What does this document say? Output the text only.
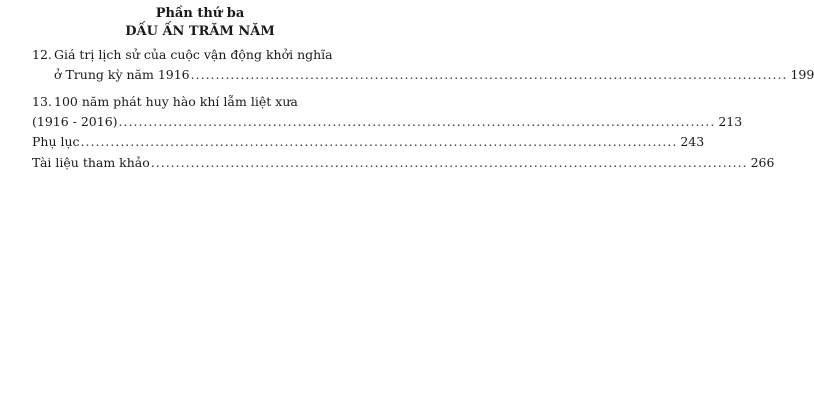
Phần thứ ba
DẤU ẤN TRĂM NĂM
12. Giá trị lịch sử của cuộc vận động khởi nghĩa
ở Trung kỳ năm 1916 ........................................................................................................................ 199
13. 100 năm phát huy hào khí lẫm liệt xưa
(1916 - 2016) ........................................................................................................................ 213
Phụ lục ........................................................................................................................ 243
Tài liệu tham khảo ........................................................................................................................ 266
